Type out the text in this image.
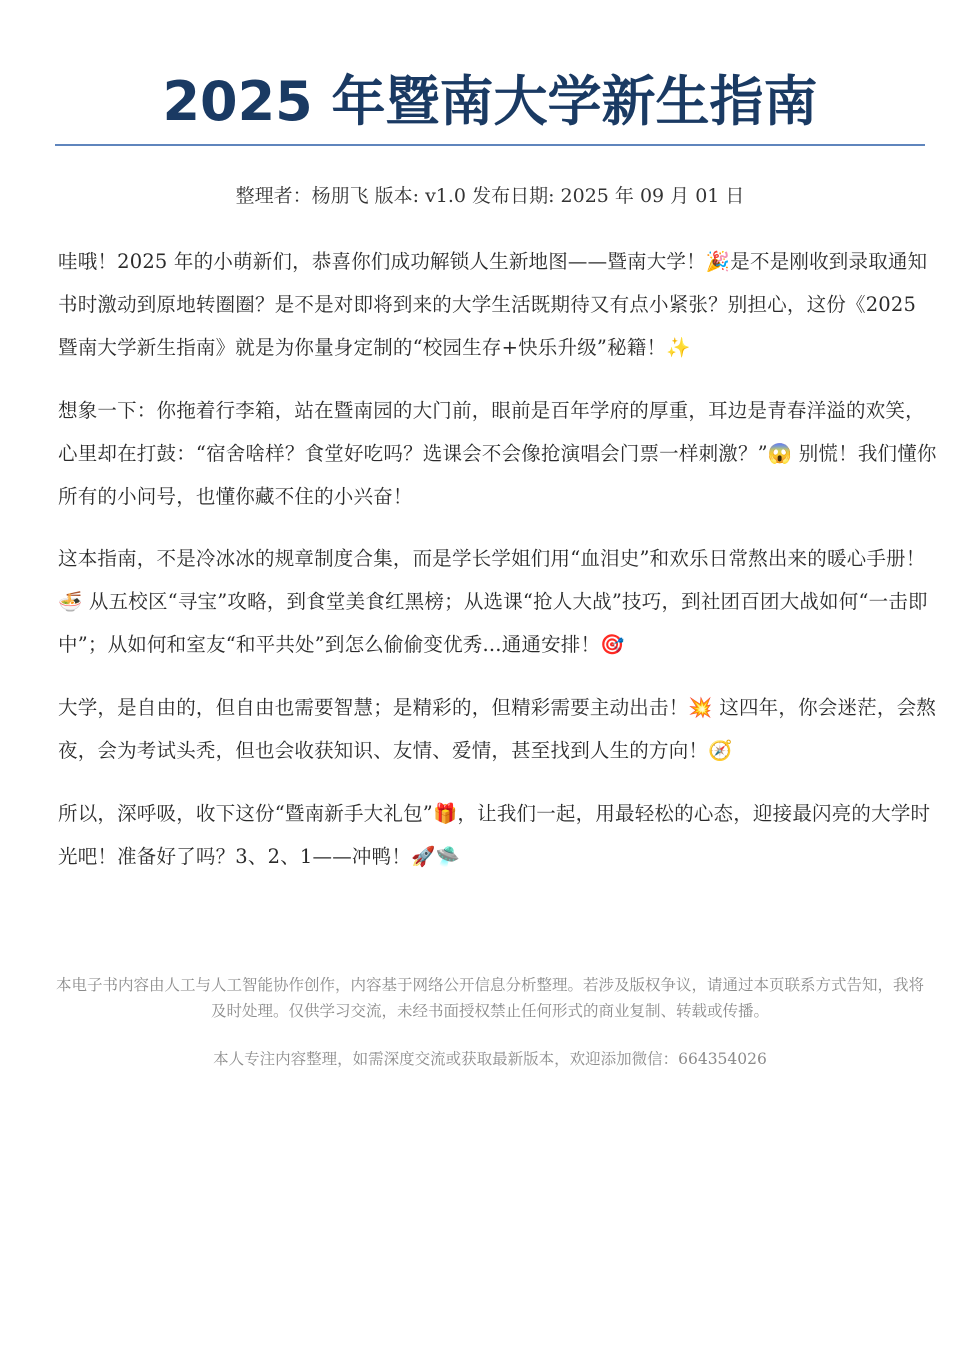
2025 年暨南大学新生指南
整理者：杨朋飞 版本: v1.0 发布日期: 2025 年 09 月 01 日

哇哦！2025 年的小萌新们，恭喜你们成功解锁人生新地图——暨南大学！🎉是不是刚收到录取通知书时激动到原地转圈圈？是不是对即将到来的大学生活既期待又有点小紧张？别担心，这份《2025 暨南大学新生指南》就是为你量身定制的“校园生存+快乐升级”秘籍！✨

想象一下：你拖着行李箱，站在暨南园的大门前，眼前是百年学府的厚重，耳边是青春洋溢的欢笑，心里却在打鼓：“宿舍啥样？食堂好吃吗？选课会不会像抢演唱会门票一样刺激？”😱 别慌！我们懂你所有的小问号，也懂你藏不住的小兴奋！

这本指南，不是冷冰冰的规章制度合集，而是学长学姐们用“血泪史”和欢乐日常熬出来的暖心手册！🍜 从五校区“寻宝”攻略，到食堂美食红黑榜；从选课“抢人大战”技巧，到社团百团大战如何“一击即中”；从如何和室友“和平共处”到怎么偷偷变优秀...通通安排！🎯

大学，是自由的，但自由也需要智慧；是精彩的，但精彩需要主动出击！💥 这四年，你会迷茫，会熬夜，会为考试头秃，但也会收获知识、友情、爱情，甚至找到人生的方向！🧭

所以，深呼吸，收下这份“暨南新手大礼包”🎁，让我们一起，用最轻松的心态，迎接最闪亮的大学时光吧！准备好了吗？3、2、1——冲鸭！🚀🛸

本电子书内容由人工与人工智能协作创作，内容基于网络公开信息分析整理。若涉及版权争议，请通过本页联系方式告知，我将及时处理。仅供学习交流，未经书面授权禁止任何形式的商业复制、转载或传播。
本人专注内容整理，如需深度交流或获取最新版本，欢迎添加微信：664354026
